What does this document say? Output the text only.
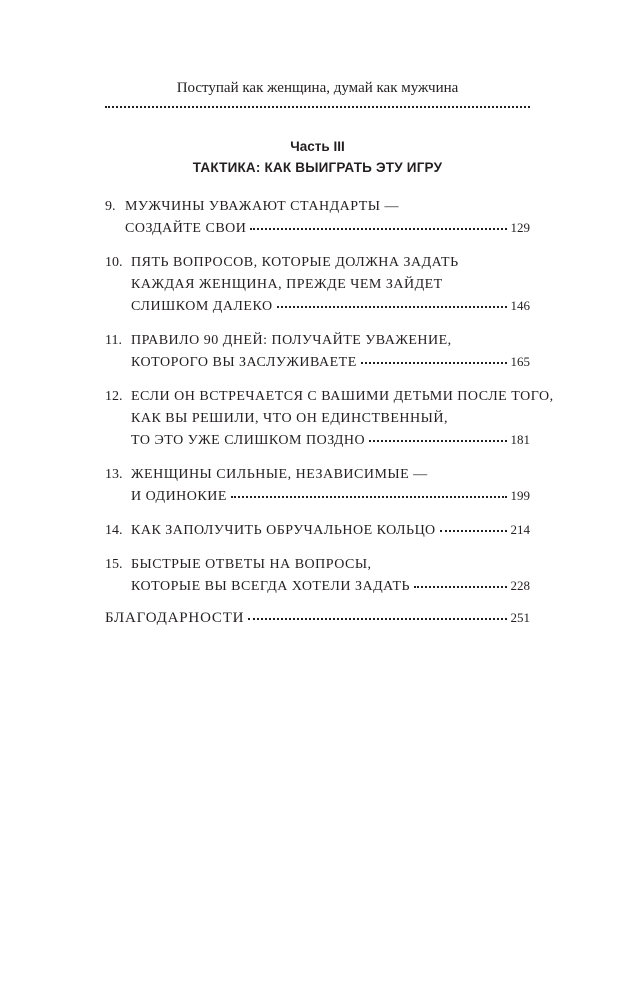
Поступай как женщина, думай как мужчина
Часть III
ТАКТИКА: КАК ВЫИГРАТЬ ЭТУ ИГРУ
9. МУЖЧИНЫ УВАЖАЮТ СТАНДАРТЫ —
СОЗДАЙТЕ СВОИ	129
10. ПЯТЬ ВОПРОСОВ, КОТОРЫЕ ДОЛЖНА ЗАДАТЬ
КАЖДАЯ ЖЕНЩИНА, ПРЕЖДЕ ЧЕМ ЗАЙДЕТ
СЛИШКОМ ДАЛЕКО	146
11. ПРАВИЛО 90 ДНЕЙ: ПОЛУЧАЙТЕ УВАЖЕНИЕ,
КОТОРОГО ВЫ ЗАСЛУЖИВАЕТЕ	165
12. ЕСЛИ ОН ВСТРЕЧАЕТСЯ С ВАШИМИ ДЕТЬМИ ПОСЛЕ ТОГО,
КАК ВЫ РЕШИЛИ, ЧТО ОН ЕДИНСТВЕННЫЙ,
ТО ЭТО УЖЕ СЛИШКОМ ПОЗДНО	181
13. ЖЕНЩИНЫ СИЛЬНЫЕ, НЕЗАВИСИМЫЕ —
И ОДИНОКИЕ	199
14. КАК ЗАПОЛУЧИТЬ ОБРУЧАЛЬНОЕ КОЛЬЦО	214
15. БЫСТРЫЕ ОТВЕТЫ НА ВОПРОСЫ,
КОТОРЫЕ ВЫ ВСЕГДА ХОТЕЛИ ЗАДАТЬ	228
БЛАГОДАРНОСТИ	251
